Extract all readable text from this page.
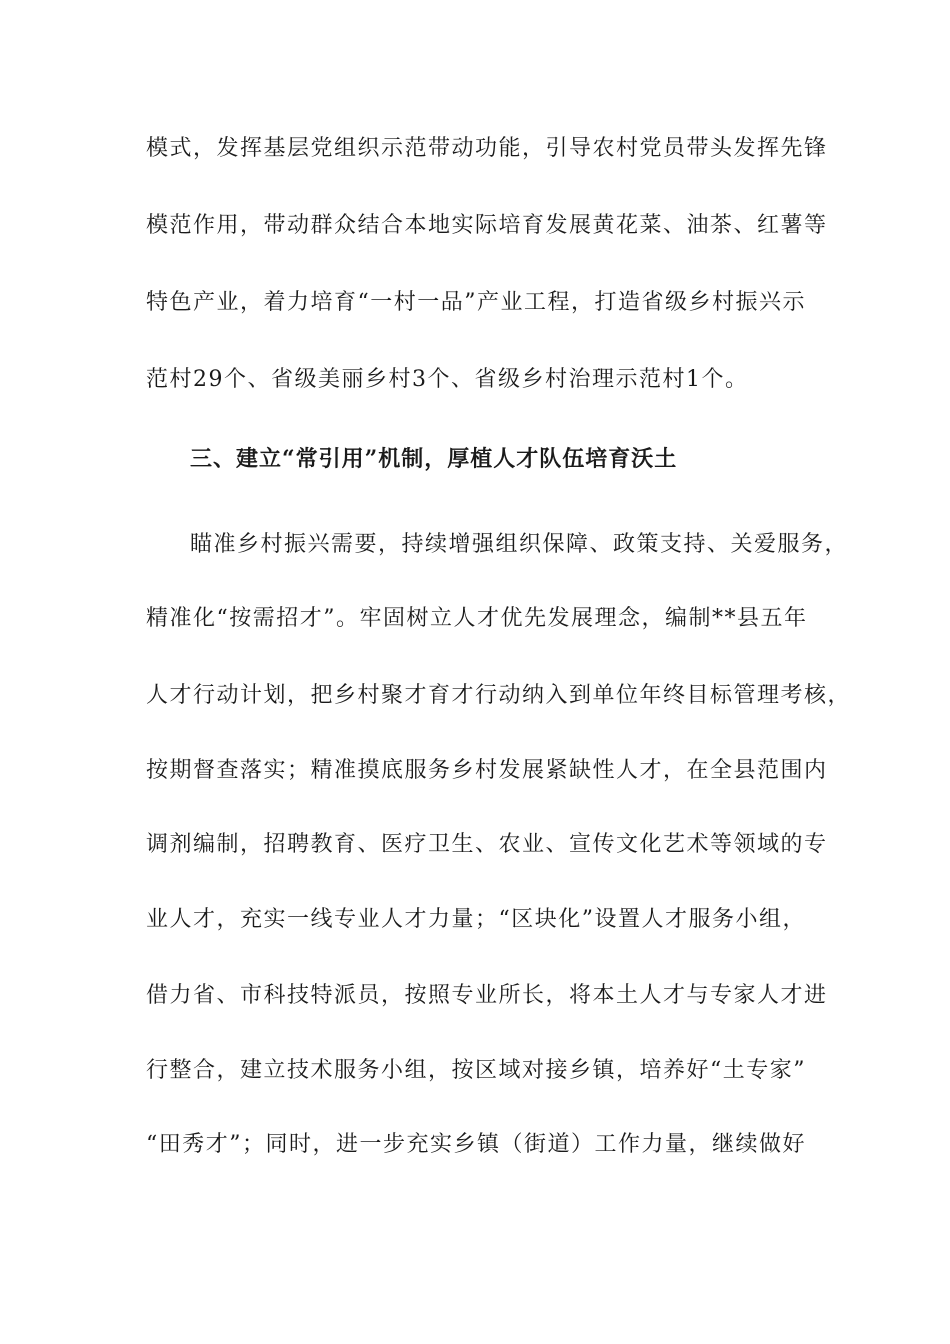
模式，发挥基层党组织示范带动功能，引导农村党员带头发挥先锋
模范作用，带动群众结合本地实际培育发展黄花菜、油茶、红薯等
特色产业，着力培育“一村一品”产业工程，打造省级乡村振兴示
范村29个、省级美丽乡村3个、省级乡村治理示范村1个。
三、建立“常引用”机制，厚植人才队伍培育沃土
瞄准乡村振兴需要，持续增强组织保障、政策支持、关爱服务，
精准化“按需招才”。牢固树立人才优先发展理念，编制**县五年
人才行动计划，把乡村聚才育才行动纳入到单位年终目标管理考核，
按期督查落实；精准摸底服务乡村发展紧缺性人才，在全县范围内
调剂编制，招聘教育、医疗卫生、农业、宣传文化艺术等领域的专
业人才，充实一线专业人才力量；“区块化”设置人才服务小组，
借力省、市科技特派员，按照专业所长，将本土人才与专家人才进
行整合，建立技术服务小组，按区域对接乡镇，培养好“土专家”
“田秀才”；同时，进一步充实乡镇（街道）工作力量，继续做好
